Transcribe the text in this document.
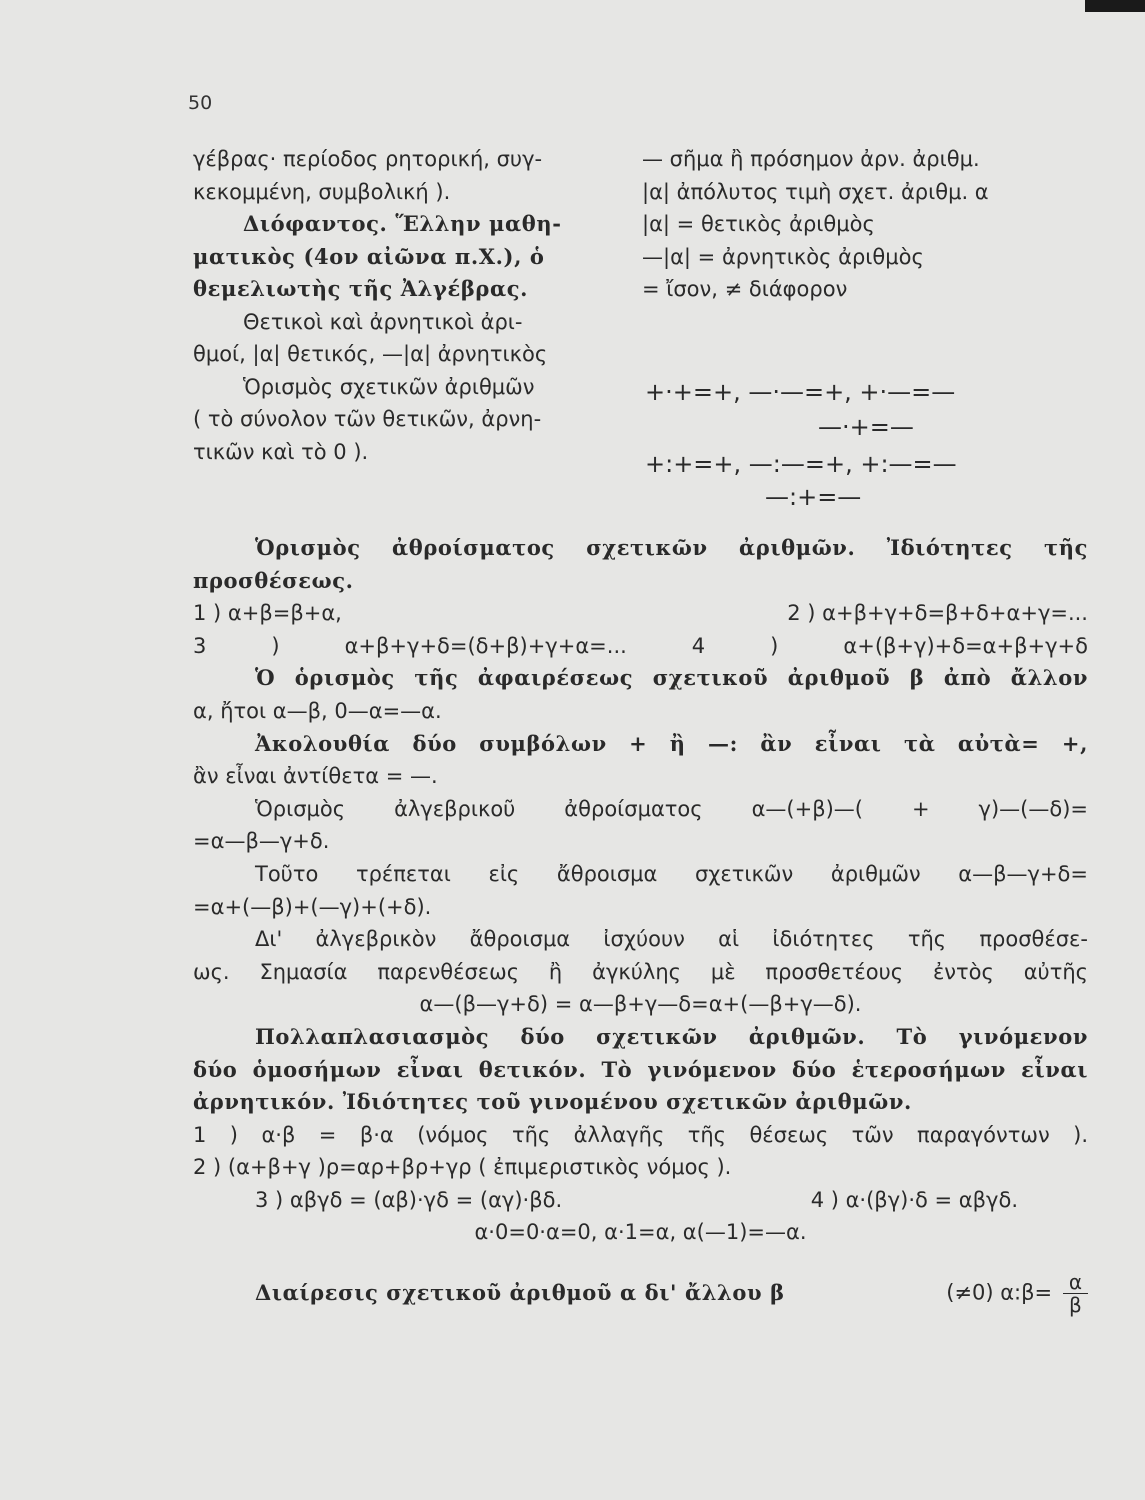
50
γέβρας· περίοδος ρητορική, συγ-
κεκομμένη, συμβολική ).
Διόφαντος. Ἕλλην μαθη-
ματικὸς (4ον αἰῶνα π.Χ.), ὁ
θεμελιωτὴς τῆς Ἀλγέβρας.
Θετικοὶ καὶ ἀρνητικοὶ ἀρι-
θμοί, |α| θετικός, —|α| ἀρνητικὸς
Ὁρισμὸς σχετικῶν ἀριθμῶν
( τὸ σύνολον τῶν θετικῶν, ἀρνη-
τικῶν καὶ τὸ 0 ).
— σῆμα ἢ πρόσημον ἀρν. ἀριθμ.
|α| ἀπόλυτος τιμὴ σχετ. ἀριθμ. α
|α| = θετικὸς ἀριθμὸς
—|α| = ἀρνητικὸς ἀριθμὸς
= ἴσον, ≠ διάφορον
+·+=+, —·—=+, +·—=—
—·+=—
+:+=+, —:—=+, +:—=—
—:+=—
Ὁρισμὸς ἀθροίσματος σχετικῶν ἀριθμῶν. Ἰδιότητες τῆς
προσθέσεως.
1 ) α+β=β+α,	2 ) α+β+γ+δ=β+δ+α+γ=...
3 ) α+β+γ+δ=(δ+β)+γ+α=... 4 ) α+(β+γ)+δ=α+β+γ+δ
Ὁ ὁρισμὸς τῆς ἀφαιρέσεως σχετικοῦ ἀριθμοῦ β ἀπὸ ἄλλον
α, ἤτοι α—β, 0—α=—α.
Ἀκολουθία δύο συμβόλων + ἢ —: ἂν εἶναι τὰ αὐτὰ= +,
ἂν εἶναι ἀντίθετα = —.
Ὁρισμὸς ἀλγεβρικοῦ ἀθροίσματος α—(+β)—( + γ)—(—δ)=
=α—β—γ+δ.
Τοῦτο τρέπεται εἰς ἄθροισμα σχετικῶν ἀριθμῶν α—β—γ+δ=
=α+(—β)+(—γ)+(+δ).
Δι' ἀλγεβρικὸν ἄθροισμα ἰσχύουν αἱ ἰδιότητες τῆς προσθέσε-
ως. Σημασία παρενθέσεως ἢ ἀγκύλης μὲ προσθετέους ἐντὸς αὐτῆς
α—(β—γ+δ) = α—β+γ—δ=α+(—β+γ—δ).
Πολλαπλασιασμὸς δύο σχετικῶν ἀριθμῶν. Τὸ γινόμενον
δύο ὁμοσήμων εἶναι θετικόν. Τὸ γινόμενον δύο ἑτεροσήμων εἶναι
ἀρνητικόν. Ἰδιότητες τοῦ γινομένου σχετικῶν ἀριθμῶν.
1 ) α·β = β·α (νόμος τῆς ἀλλαγῆς τῆς θέσεως τῶν παραγόντων ).
2 ) (α+β+γ )ρ=αρ+βρ+γρ ( ἐπιμεριστικὸς νόμος ).
3 ) αβγδ = (αβ)·γδ = (αγ)·βδ.	4 ) α·(βγ)·δ = αβγδ.
α·0=0·α=0, α·1=α, α(—1)=—α.
Διαίρεσις σχετικοῦ ἀριθμοῦ α δι' ἄλλου β	(≠0) α:β= $\frac{\alpha}{\beta}$
